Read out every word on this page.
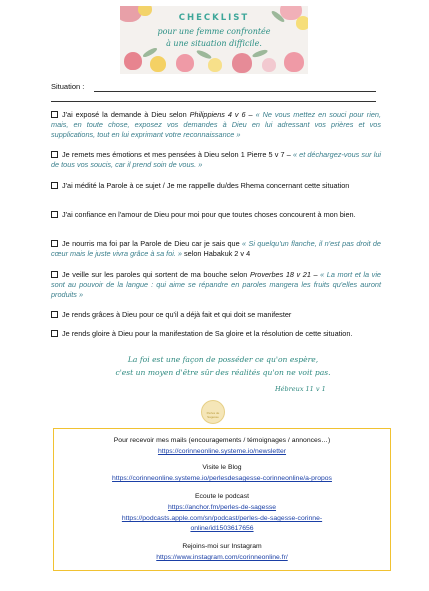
CHECKLIST
pour une femme confrontée
à une situation difficile.
Situation :
J'ai exposé la demande à Dieu selon Philippiens 4 v 6 – « Ne vous mettez en souci pour rien, mais, en toute chose, exposez vos demandes à Dieu en lui adressant vos prières et vos supplications, tout en lui exprimant votre reconnaissance »
Je remets mes émotions et mes pensées à Dieu selon 1 Pierre 5 v 7 – « et déchargez-vous sur lui de tous vos soucis, car il prend soin de vous. »
J'ai médité la Parole à ce sujet / Je me rappelle du/des Rhema concernant cette situation
J'ai confiance en l'amour de Dieu pour moi pour que toutes choses concourent à mon bien.
Je nourris ma foi par la Parole de Dieu car je sais que « Si quelqu'un flanche, il n'est pas droit de cœur mais le juste vivra grâce à sa foi. » selon Habakuk 2 v 4
Je veille sur les paroles qui sortent de ma bouche selon Proverbes 18 v 21 – « La mort et la vie sont au pouvoir de la langue : qui aime se répandre en paroles mangera les fruits qu'elles auront produits »
Je rends grâces à Dieu pour ce qu'il a déjà fait et qui doit se manifester
Je rends gloire à Dieu pour la manifestation de Sa gloire et la résolution de cette situation.
La foi est une façon de posséder ce qu'on espère,
c'est un moyen d'être sûr des réalités qu'on ne voit pas.
Hébreux 11 v 1
Perles de Sagesse
Pour recevoir mes mails (encouragements / témoignages / annonces…)
https://corinneonline.systeme.io/newsletter
Visite le Blog
https://corinneonline.systeme.io/perlesdesagesse-corinneonline/a-propos
Ecoute le podcast
https://anchor.fm/perles-de-sagesse
https://podcasts.apple.com/sn/podcast/perles-de-sagesse-corinne-
online/id1503617656
Rejoins-moi sur Instagram
https://www.instagram.com/corinneonline.fr/
